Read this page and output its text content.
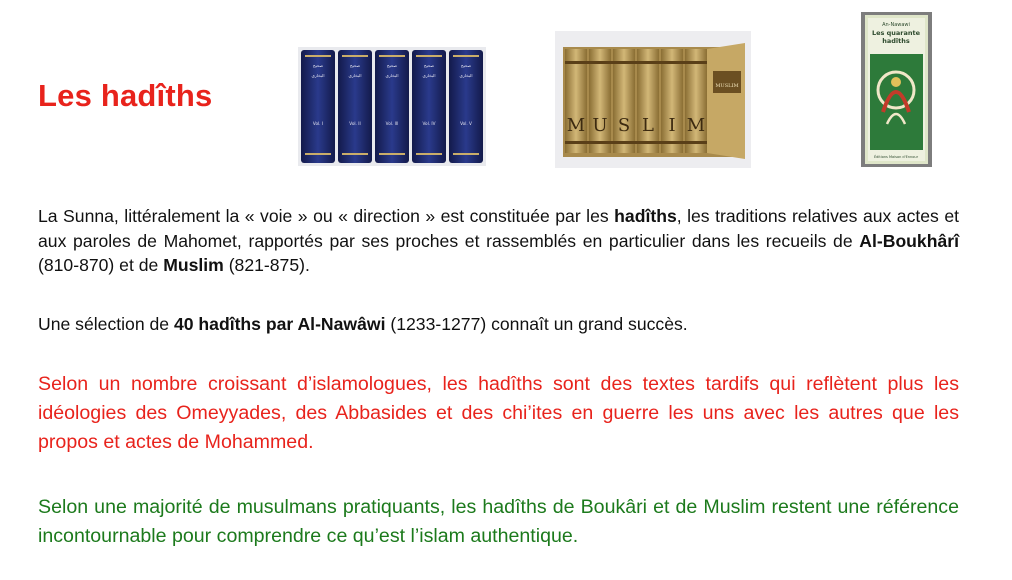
Les hadîths
صحيح	صحيح	صحيح	صحيح	صحيح
البخاري	البخاري	البخاري	البخاري	البخاري
Vol. I	Vol. II	Vol. III	Vol. IV	Vol. V	M U S L I M
MUSLIM
An-Nawawi
Les quarante
hadîths
Éditions Maison d'Ennour

La Sunna, littéralement la « voie » ou « direction » est constituée par les hadîths, les traditions relatives aux actes et aux paroles de Mahomet, rapportés par ses proches et rassemblés en particulier dans les recueils de Al-Boukhârî (810-870) et de Muslim (821-875).

Une sélection de 40 hadîths par Al-Nawâwi (1233-1277) connaît un grand succès.

Selon un nombre croissant d’islamologues, les hadîths sont des textes tardifs qui reflètent plus les idéologies des Omeyyades, des Abbasides et des chi’ites en guerre les uns avec les autres que les propos et actes de Mohammed.

Selon une majorité de musulmans pratiquants, les hadîths de Boukâri et de Muslim restent une référence incontournable pour comprendre ce qu’est l’islam authentique.
